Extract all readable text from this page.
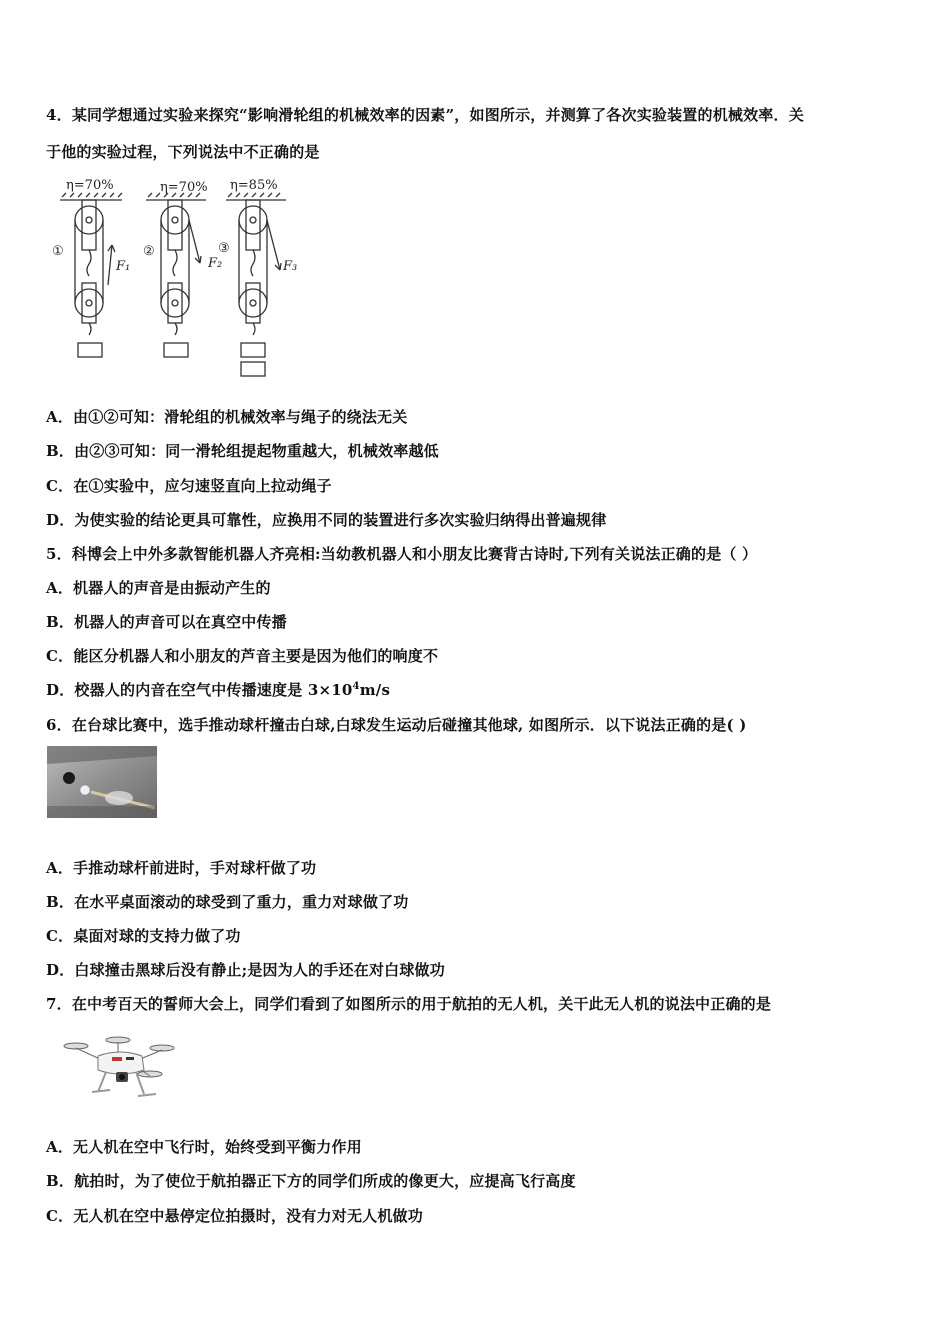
4．某同学想通过实验来探究“影响滑轮组的机械效率的因素”，如图所示，并测算了各次实验装置的机械效率．关
于他的实验过程，下列说法中不正确的是
η=70%	η=70% η=85%
①	②	③
F₁	F₂	F₃
A．由①②可知：滑轮组的机械效率与绳子的绕法无关
B．由②③可知：同一滑轮组提起物重越大，机械效率越低
C．在①实验中，应匀速竖直向上拉动绳子
D．为使实验的结论更具可靠性，应换用不同的装置进行多次实验归纳得出普遍规律
5．科博会上中外多款智能机器人齐亮相:当幼教机器人和小朋友比赛背古诗时,下列有关说法正确的是（ ）
A．机器人的声音是由振动产生的
B．机器人的声音可以在真空中传播
C．能区分机器人和小朋友的芦音主要是因为他们的响度不
D．校器人的内音在空气中传播速度是 $3\times 10^4m/s$
6．在台球比赛中，选手推动球杆撞击白球,白球发生运动后碰撞其他球, 如图所示．以下说法正确的是( )
A．手推动球杆前进时，手对球杆做了功
B．在水平桌面滚动的球受到了重力，重力对球做了功
C．桌面对球的支持力做了功
D．白球撞击黑球后没有静止;是因为人的手还在对白球做功
7．在中考百天的誓师大会上，同学们看到了如图所示的用于航拍的无人机，关干此无人机的说法中正确的是
A．无人机在空中飞行时，始终受到平衡力作用
B．航拍时，为了使位于航拍器正下方的同学们所成的像更大，应提高飞行高度
C．无人机在空中悬停定位拍摄时，没有力对无人机做功
